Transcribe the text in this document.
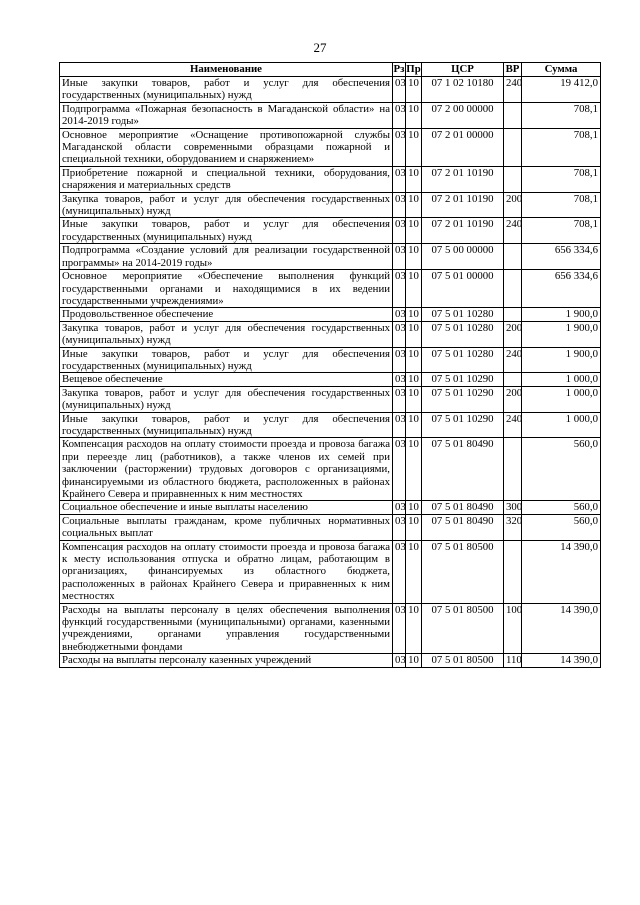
27
Наименование	Рз	Пр	ЦСР	ВР	Сумма
Иные закупки товаров, работ и услуг для обеспечения государственных (муниципальных) нужд	03	10	07 1 02 10180	240	19 412,0
Подпрограмма «Пожарная безопасность в Магаданской области» на 2014-2019 годы»	03	10	07 2 00 00000		708,1
Основное мероприятие «Оснащение противопожарной службы Магаданской области современными образцами пожарной и специальной техники, оборудованием и снаряжением»	03	10	07 2 01 00000		708,1
Приобретение пожарной и специальной техники, оборудования, снаряжения и материальных средств	03	10	07 2 01 10190		708,1
Закупка товаров, работ и услуг для обеспечения государственных (муниципальных) нужд	03	10	07 2 01 10190	200	708,1
Иные закупки товаров, работ и услуг для обеспечения государственных (муниципальных) нужд	03	10	07 2 01 10190	240	708,1
Подпрограмма «Создание условий для реализации государственной программы» на 2014-2019 годы»	03	10	07 5 00 00000		656 334,6
Основное мероприятие «Обеспечение выполнения функций государственными органами и находящимися в их ведении государственными учреждениями»	03	10	07 5 01 00000		656 334,6
Продовольственное обеспечение	03	10	07 5 01 10280		1 900,0
Закупка товаров, работ и услуг для обеспечения государственных (муниципальных) нужд	03	10	07 5 01 10280	200	1 900,0
Иные закупки товаров, работ и услуг для обеспечения государственных (муниципальных) нужд	03	10	07 5 01 10280	240	1 900,0
Вещевое обеспечение	03	10	07 5 01 10290		1 000,0
Закупка товаров, работ и услуг для обеспечения государственных (муниципальных) нужд	03	10	07 5 01 10290	200	1 000,0
Иные закупки товаров, работ и услуг для обеспечения государственных (муниципальных) нужд	03	10	07 5 01 10290	240	1 000,0
Компенсация расходов на оплату стоимости проезда и провоза багажа при переезде лиц (работников), а также членов их семей при заключении (расторжении) трудовых договоров с организациями, финансируемыми из областного бюджета, расположенных в районах Крайнего Севера и приравненных к ним местностях	03	10	07 5 01 80490		560,0
Социальное обеспечение и иные выплаты населению	03	10	07 5 01 80490	300	560,0
Социальные выплаты гражданам, кроме публичных нормативных социальных выплат	03	10	07 5 01 80490	320	560,0
Компенсация расходов на оплату стоимости проезда и провоза багажа к месту использования отпуска и обратно лицам, работающим в организациях, финансируемых из областного бюджета, расположенных в районах Крайнего Севера и приравненных к ним местностях	03	10	07 5 01 80500		14 390,0
Расходы на выплаты персоналу в целях обеспечения выполнения функций государственными (муниципальными) органами, казенными учреждениями, органами управления государственными внебюджетными фондами	03	10	07 5 01 80500	100	14 390,0
Расходы на выплаты персоналу казенных учреждений	03	10	07 5 01 80500	110	14 390,0
